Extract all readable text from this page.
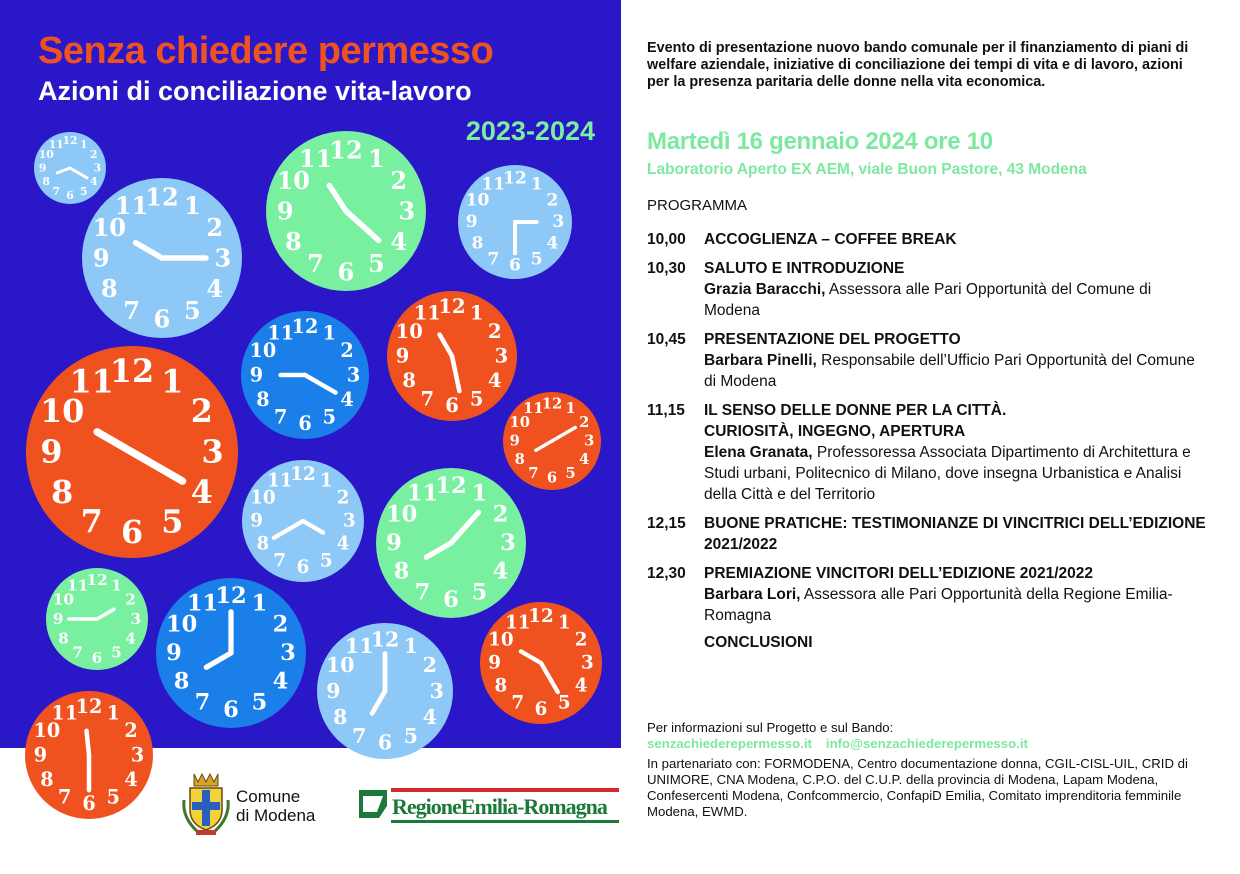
1
2
3
4
5
6
7
8
9
10
11
12
1
2
3
4
5
6
7
8
9
10
11
12
1
2
3
4
5
6
7
8
9
10
11
12
1
2
3
4
5
6
7
8
9
10
11
12
1
2
3
4
5
6
7
8
9
10
11
12
1
2
3
4
5
6
7
8
9
10
11
12
1
2
3
4
5
6
7
8
9
10
11
12
1
2
3
4
5
6
7
8
9
10
11
12
1
2
3
4
5
6
7
8
9
10
11
12
1
2
3
4
5
6
7
8
9
10
11
12
1
2
3
4
5
6
7
8
9
10
11
12
1
2
3
4
5
6
7
8
9
10
11
12
1
2
3
4
5
6
7
8
9
10
11
12
1
2
3
4
5
6
7
8
9
10
11
12
1
2
3
4
5
6
7
8
9
10
11
12
Senza chiedere permesso
Azioni di conciliazione vita-lavoro
2023-2024
Comune
di Modena	RegioneEmilia-Romagna
Evento di presentazione nuovo bando comunale per il finanziamento di piani di welfare aziendale, iniziative di conciliazione dei tempi di vita e di lavoro, azioni per la presenza paritaria delle donne nella vita economica.
Martedì 16 gennaio 2024 ore 10
Laboratorio Aperto EX AEM, viale Buon Pastore, 43 Modena
PROGRAMMA
10,00	ACCOGLIENZA – COFFEE BREAK
10,30	SALUTO E INTRODUZIONE
Grazia Baracchi, Assessora alle Pari Opportunità del Comune di Modena
10,45	PRESENTAZIONE DEL PROGETTO
Barbara Pinelli, Responsabile dell’Ufficio Pari Opportunità del Comune di Modena
11,15	IL SENSO DELLE DONNE PER LA CITTÀ.
CURIOSITÀ, INGEGNO, APERTURA
Elena Granata, Professoressa Associata Dipartimento di Architettura e Studi urbani, Politecnico di Milano, dove insegna Urbanistica e Analisi della Città e del Territorio
12,15	BUONE PRATICHE: TESTIMONIANZE DI VINCITRICI DELL’EDIZIONE 2021/2022
12,30	PREMIAZIONE VINCITORI DELL’EDIZIONE 2021/2022
Barbara Lori, Assessora alle Pari Opportunità della Regione Emilia-Romagna
CONCLUSIONI
Per informazioni sul Progetto e sul Bando:
senzachiederepermesso.it info@senzachiederepermesso.it
In partenariato con: FORMODENA, Centro documentazione donna, CGIL-CISL-UIL, CRID di UNIMORE, CNA Modena, C.P.O. del C.U.P. della provincia di Modena, Lapam Modena, Confesercenti Modena, Confcommercio, ConfapiD Emilia, Comitato imprenditoria femminile Modena, EWMD.
